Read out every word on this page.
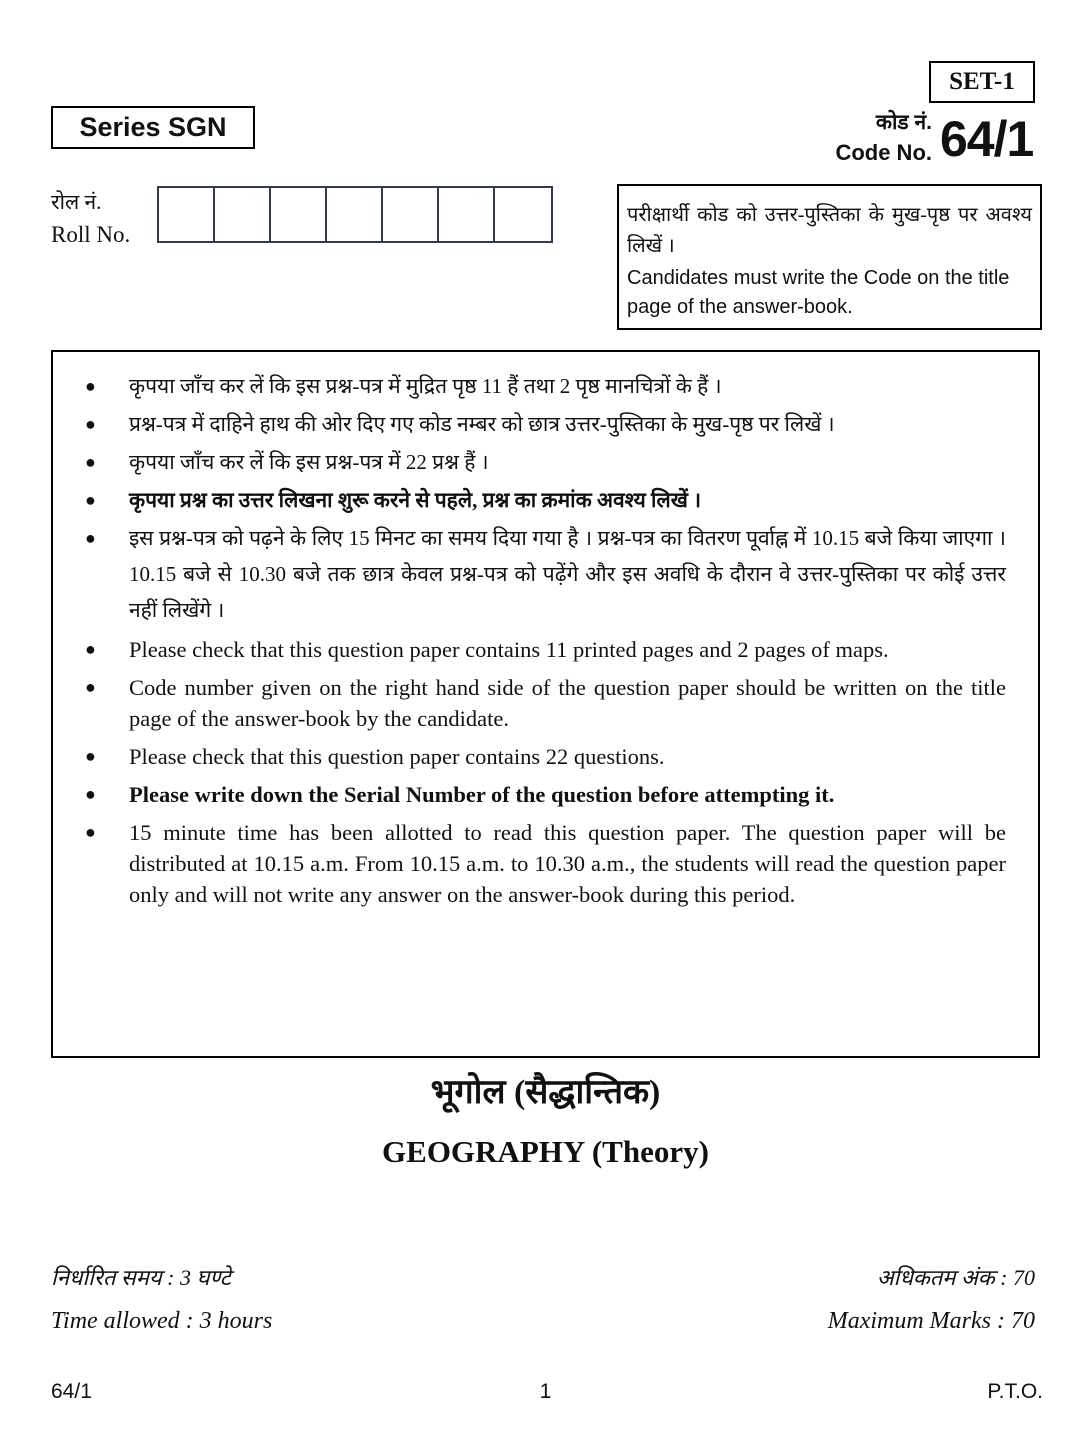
SET-1
Series SGN	कोड नं.
Code No. 64/1
रोल नं.
Roll No.
परीक्षार्थी कोड को उत्तर-पुस्तिका के मुख-पृष्ठ पर अवश्य लिखें ।
Candidates must write the Code on the title page of the answer-book.
● कृपया जाँच कर लें कि इस प्रश्न-पत्र में मुद्रित पृष्ठ 11 हैं तथा 2 पृष्ठ मानचित्रों के हैं ।
● प्रश्न-पत्र में दाहिने हाथ की ओर दिए गए कोड नम्बर को छात्र उत्तर-पुस्तिका के मुख-पृष्ठ पर लिखें ।
● कृपया जाँच कर लें कि इस प्रश्न-पत्र में 22 प्रश्न हैं ।
● कृपया प्रश्न का उत्तर लिखना शुरू करने से पहले, प्रश्न का क्रमांक अवश्य लिखें ।
● इस प्रश्न-पत्र को पढ़ने के लिए 15 मिनट का समय दिया गया है । प्रश्न-पत्र का वितरण पूर्वाह्न में 10.15 बजे किया जाएगा । 10.15 बजे से 10.30 बजे तक छात्र केवल प्रश्न-पत्र को पढ़ेंगे और इस अवधि के दौरान वे उत्तर-पुस्तिका पर कोई उत्तर नहीं लिखेंगे ।
● Please check that this question paper contains 11 printed pages and 2 pages of maps.
● Code number given on the right hand side of the question paper should be written on the title page of the answer-book by the candidate.
● Please check that this question paper contains 22 questions.
● Please write down the Serial Number of the question before attempting it.
● 15 minute time has been allotted to read this question paper. The question paper will be distributed at 10.15 a.m. From 10.15 a.m. to 10.30 a.m., the students will read the question paper only and will not write any answer on the answer-book during this period.
भूगोल (सैद्धान्तिक)
GEOGRAPHY (Theory)
निर्धारित समय : 3 घण्टे
Time allowed : 3 hours
अधिकतम अंक : 70
Maximum Marks : 70
64/1	1	P.T.O.
